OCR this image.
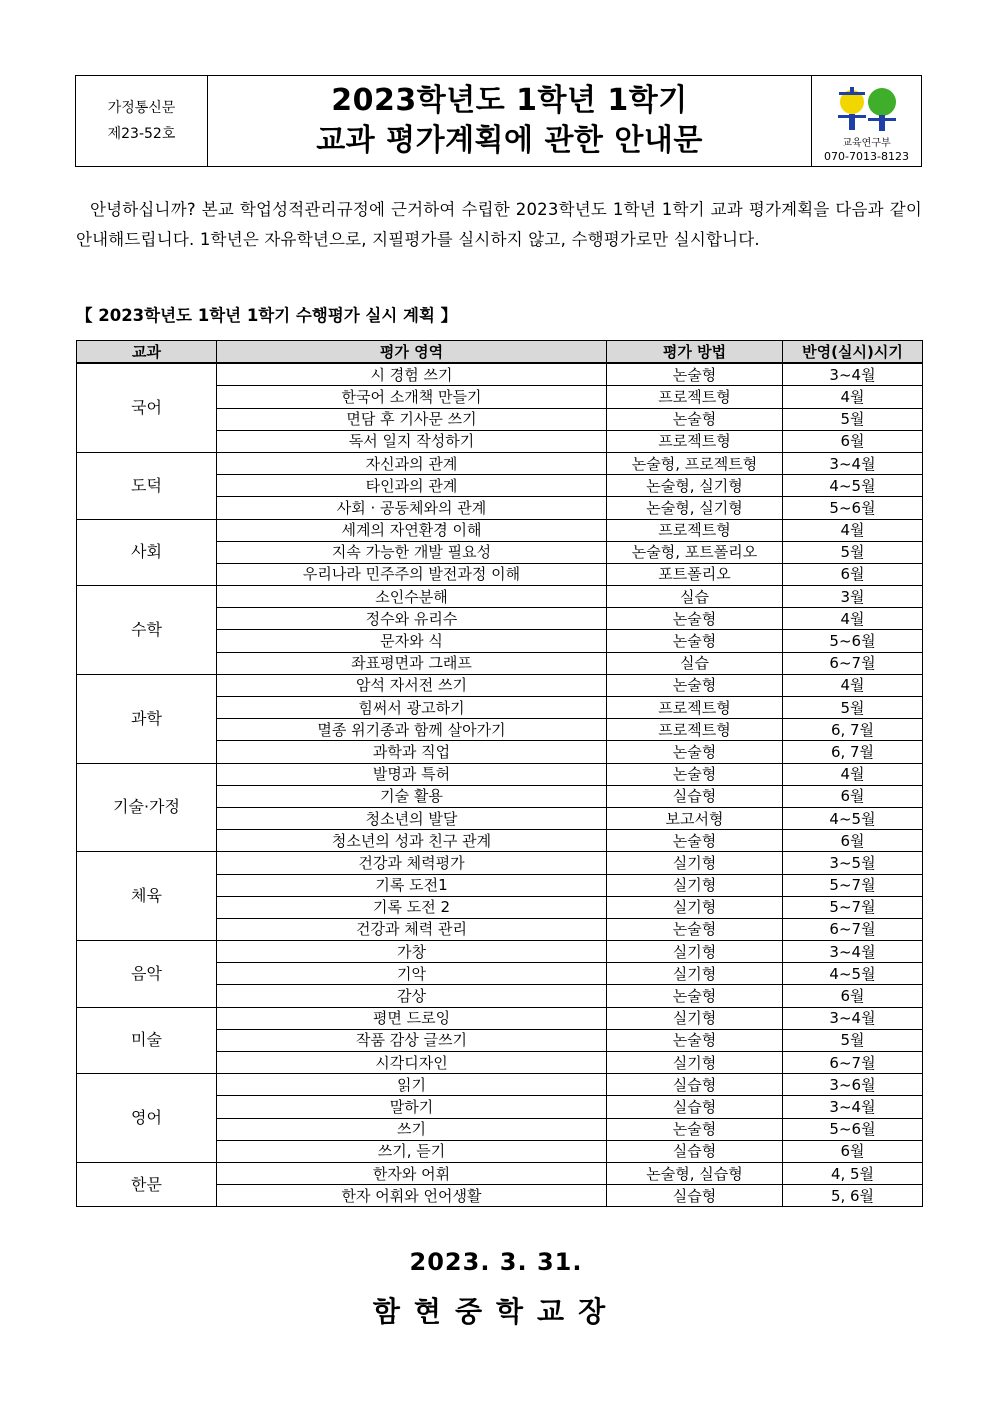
가정통신문
제23-52호
2023학년도 1학년 1학기
교과 평가계획에 관한 안내문	교육연구부
070-7013-8123

안녕하십니까? 본교 학업성적관리규정에 근거하여 수립한 2023학년도 1학년 1학기 교과 평가계획을 다음과 같이 안내해드립니다. 1학년은 자유학년으로, 지필평가를 실시하지 않고, 수행평가로만 실시합니다.

【 2023학년도 1학년 1학기 수행평가 실시 계획 】
교과	평가 영역	평가 방법	반영(실시)시기
국어	시 경험 쓰기	논술형	3~4월
	한국어 소개책 만들기	프로젝트형	4월
	면담 후 기사문 쓰기	논술형	5월
	독서 일지 작성하기	프로젝트형	6월
도덕	자신과의 관계	논술형, 프로젝트형	3~4월
	타인과의 관계	논술형, 실기형	4~5월
	사회 · 공동체와의 관계	논술형, 실기형	5~6월
사회	세계의 자연환경 이해	프로젝트형	4월
	지속 가능한 개발 필요성	논술형, 포트폴리오	5월
	우리나라 민주주의 발전과정 이해	포트폴리오	6월
수학	소인수분해	실습	3월
	정수와 유리수	논술형	4월
	문자와 식	논술형	5~6월
	좌표평면과 그래프	실습	6~7월
과학	암석 자서전 쓰기	논술형	4월
	힘써서 광고하기	프로젝트형	5월
	멸종 위기종과 함께 살아가기	프로젝트형	6, 7월
	과학과 직업	논술형	6, 7월
기술·가정	발명과 특허	논술형	4월
	기술 활용	실습형	6월
	청소년의 발달	보고서형	4~5월
	청소년의 성과 친구 관계	논술형	6월
체육	건강과 체력평가	실기형	3~5월
	기록 도전1	실기형	5~7월
	기록 도전 2	실기형	5~7월
	건강과 체력 관리	논술형	6~7월
음악	가창	실기형	3~4월
	기악	실기형	4~5월
	감상	논술형	6월
미술	평면 드로잉	실기형	3~4월
	작품 감상 글쓰기	논술형	5월
	시각디자인	실기형	6~7월
영어	읽기	실습형	3~6월
	말하기	실습형	3~4월
	쓰기	논술형	5~6월
	쓰기, 듣기	실습형	6월
한문	한자와 어휘	논술형, 실습형	4, 5월
	한자 어휘와 언어생활	실습형	5, 6월
2023. 3. 31.
함현중학교장
